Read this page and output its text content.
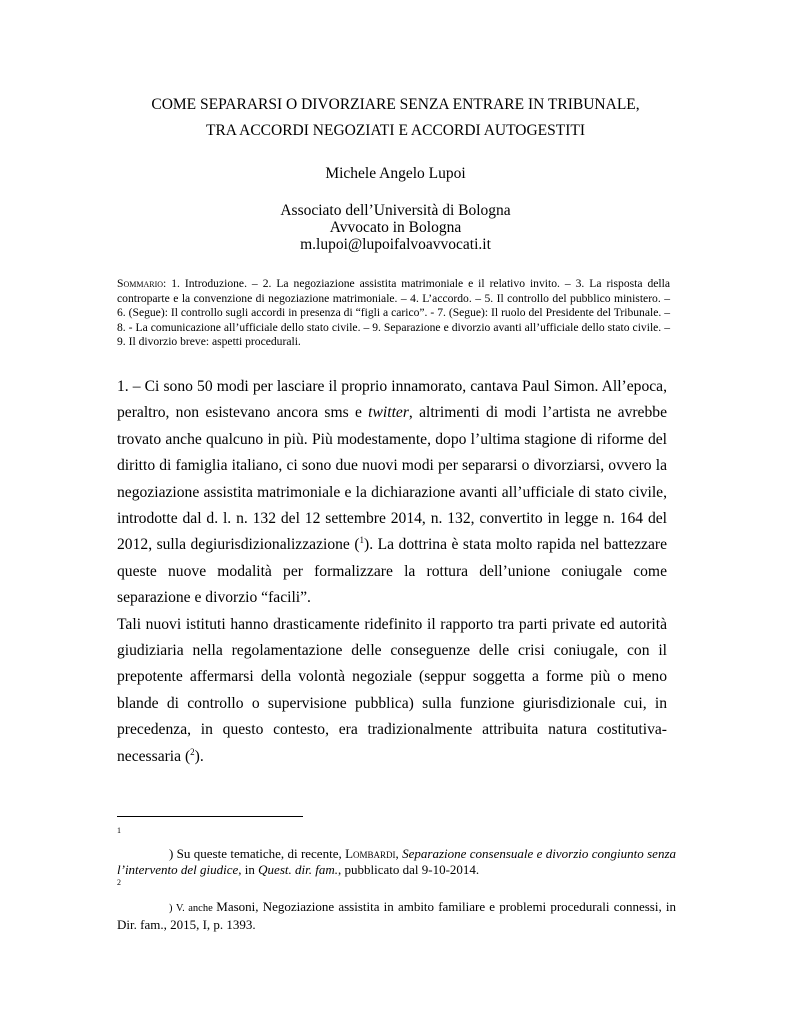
COME SEPARARSI O DIVORZIARE SENZA ENTRARE IN TRIBUNALE,
TRA ACCORDI NEGOZIATI E ACCORDI AUTOGESTITI
Michele Angelo Lupoi
Associato dell’Università di Bologna
Avvocato in Bologna
m.lupoi@lupoifalvoavvocati.it
Sommario: 1. Introduzione. – 2. La negoziazione assistita matrimoniale e il relativo invito. – 3. La risposta della controparte e la convenzione di negoziazione matrimoniale. – 4. L’accordo. – 5. Il controllo del pubblico ministero. – 6. (Segue): Il controllo sugli accordi in presenza di “figli a carico”. - 7. (Segue): Il ruolo del Presidente del Tribunale. – 8. - La comunicazione all’ufficiale dello stato civile. – 9. Separazione e divorzio avanti all’ufficiale dello stato civile. – 9. Il divorzio breve: aspetti procedurali.

1. – Ci sono 50 modi per lasciare il proprio innamorato, cantava Paul Simon. All’epoca, peraltro, non esistevano ancora sms e twitter, altrimenti di modi l’artista ne avrebbe trovato anche qualcuno in più. Più modestamente, dopo l’ultima stagione di riforme del diritto di famiglia italiano, ci sono due nuovi modi per separarsi o divorziarsi, ovvero la negoziazione assistita matrimoniale e la dichiarazione avanti all’ufficiale di stato civile, introdotte dal d. l. n. 132 del 12 settembre 2014, n. 132, convertito in legge n. 164 del 2012, sulla degiurisdizionalizzazione ($^1$). La dottrina è stata molto rapida nel battezzare queste nuove modalità per formalizzare la rottura dell’unione coniugale come separazione e divorzio “facili”.

Tali nuovi istituti hanno drasticamente ridefinito il rapporto tra parti private ed autorità giudiziaria nella regolamentazione delle conseguenze delle crisi coniugale, con il prepotente affermarsi della volontà negoziale (seppur soggetta a forme più o meno blande di controllo o supervisione pubblica) sulla funzione giurisdizionale cui, in precedenza, in questo contesto, era tradizionalmente attribuita natura costitutiva-necessaria ($^2$).

1
) Su queste tematiche, di recente, Lombardi, Separazione consensuale e divorzio congiunto senza l’intervento del giudice, in Quest. dir. fam., pubblicato dal 9-10-2014.
2
) V. anche Masoni, Negoziazione assistita in ambito familiare e problemi procedurali connessi, in Dir. fam., 2015, I, p. 1393.
